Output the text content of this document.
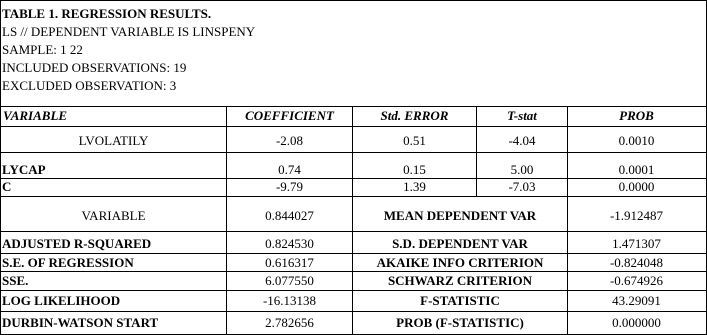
TABLE 1. REGRESSION RESULTS.
LS // DEPENDENT VARIABLE IS LINSPENY
SAMPLE: 1 22
INCLUDED OBSERVATIONS: 19
EXCLUDED OBSERVATION: 3
VARIABLE	COEFFICIENT	Std. ERROR	T-stat	PROB
LVOLATILY	-2.08	0.51	-4.04	0.0010
LYCAP	0.74	0.15	5.00	0.0001
C	-9.79	1.39	-7.03	0.0000
VARIABLE	0.844027	MEAN DEPENDENT VAR	-1.912487
ADJUSTED R-SQUARED	0.824530	S.D. DEPENDENT VAR	1.471307
S.E. OF REGRESSION	0.616317	AKAIKE INFO CRITERION	-0.824048
SSE.	6.077550	SCHWARZ CRITERION	-0.674926
LOG LIKELIHOOD	-16.13138	F-STATISTIC	43.29091
DURBIN-WATSON START	2.782656	PROB (F-STATISTIC)	0.000000
